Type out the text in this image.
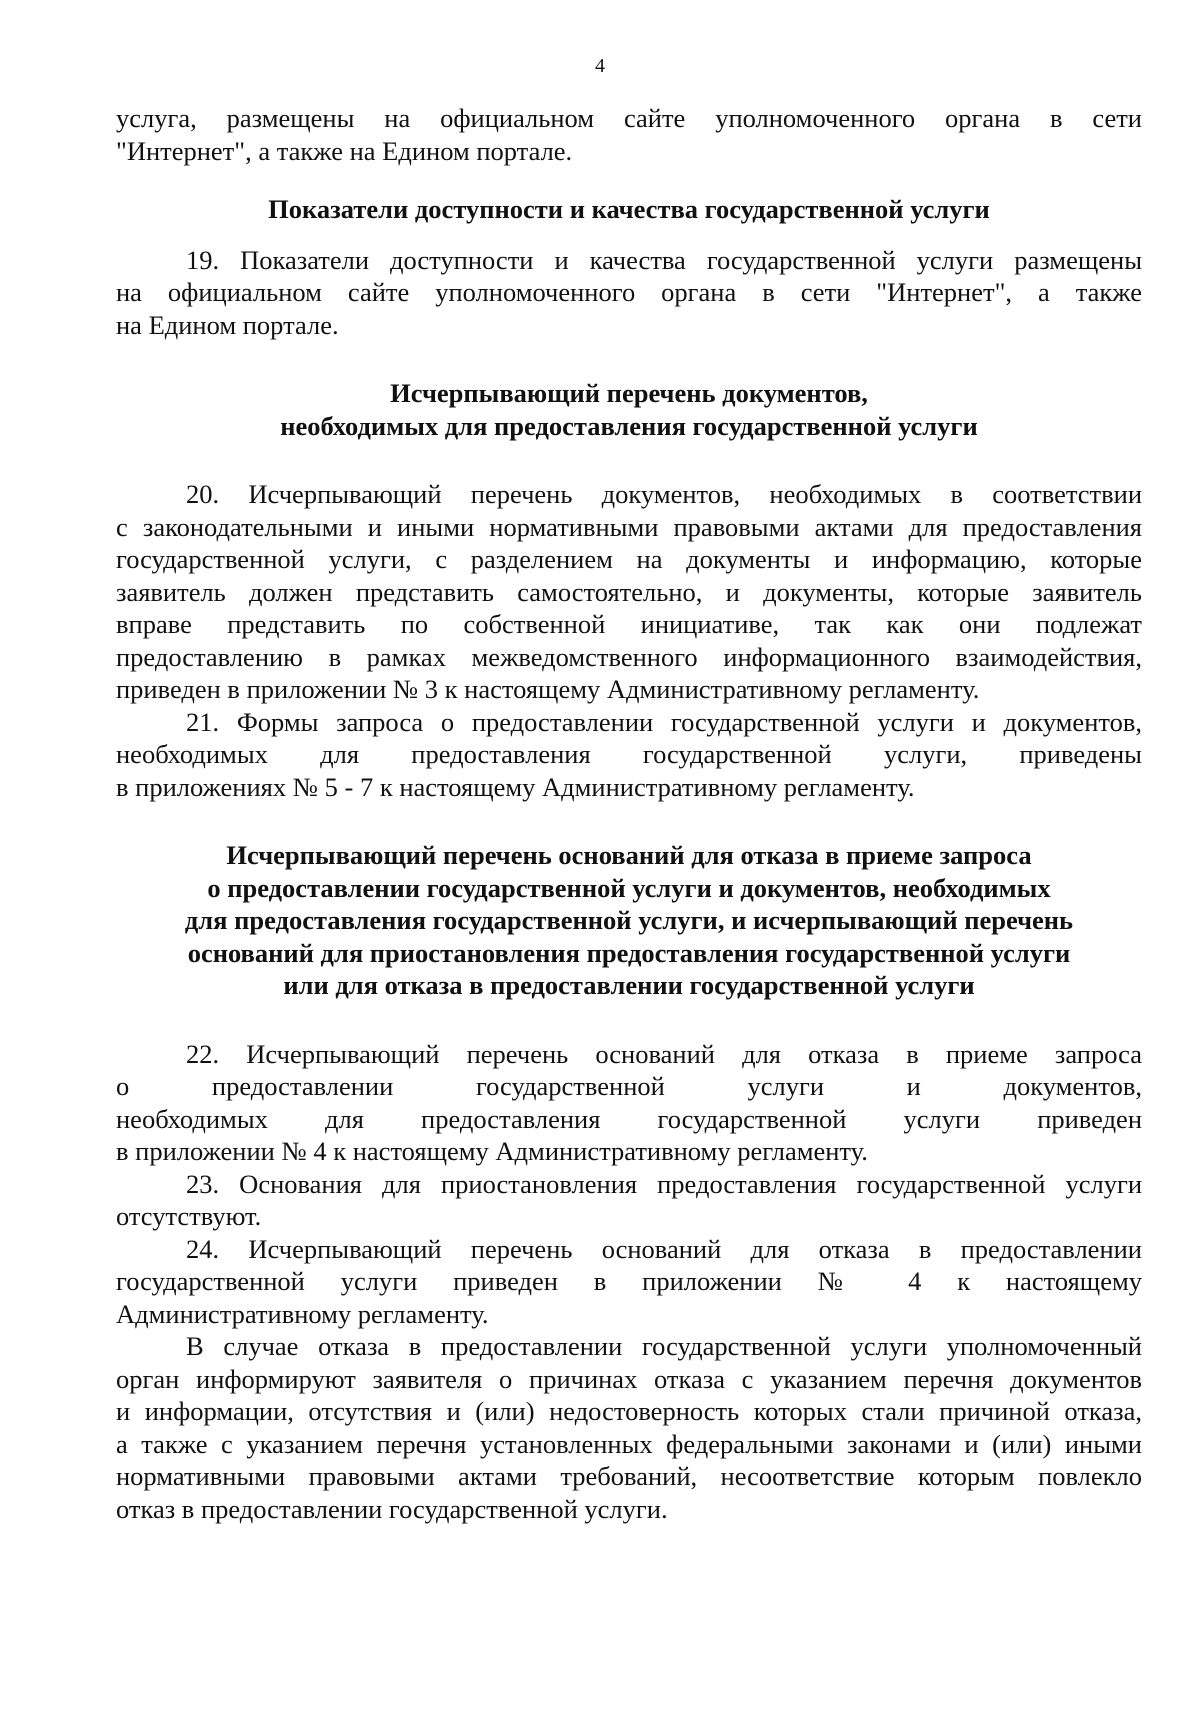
4
услуга, размещены на официальном сайте уполномоченного органа в сети
"Интернет", а также на Едином портале.
Показатели доступности и качества государственной услуги
19. Показатели доступности и качества государственной услуги размещены
на официальном сайте уполномоченного органа в сети "Интернет", а также
на Едином портале.
Исчерпывающий перечень документов,
необходимых для предоставления государственной услуги
20. Исчерпывающий перечень документов, необходимых в соответствии
с законодательными и иными нормативными правовыми актами для предоставления
государственной услуги, с разделением на документы и информацию, которые
заявитель должен представить самостоятельно, и документы, которые заявитель
вправе представить по собственной инициативе, так как они подлежат
предоставлению в рамках межведомственного информационного взаимодействия,
приведен в приложении № 3 к настоящему Административному регламенту.
21. Формы запроса о предоставлении государственной услуги и документов,
необходимых для предоставления государственной услуги, приведены
в приложениях № 5 - 7 к настоящему Административному регламенту.
Исчерпывающий перечень оснований для отказа в приеме запроса
о предоставлении государственной услуги и документов, необходимых
для предоставления государственной услуги, и исчерпывающий перечень
оснований для приостановления предоставления государственной услуги
или для отказа в предоставлении государственной услуги
22. Исчерпывающий перечень оснований для отказа в приеме запроса
о предоставлении государственной услуги и документов,
необходимых для предоставления государственной услуги приведен
в приложении № 4 к настоящему Административному регламенту.
23. Основания для приостановления предоставления государственной услуги
отсутствуют.
24. Исчерпывающий перечень оснований для отказа в предоставлении
государственной услуги приведен в приложении № 4 к настоящему
Административному регламенту.
В случае отказа в предоставлении государственной услуги уполномоченный
орган информируют заявителя о причинах отказа с указанием перечня документов
и информации, отсутствия и (или) недостоверность которых стали причиной отказа,
а также с указанием перечня установленных федеральными законами и (или) иными
нормативными правовыми актами требований, несоответствие которым повлекло
отказ в предоставлении государственной услуги.
